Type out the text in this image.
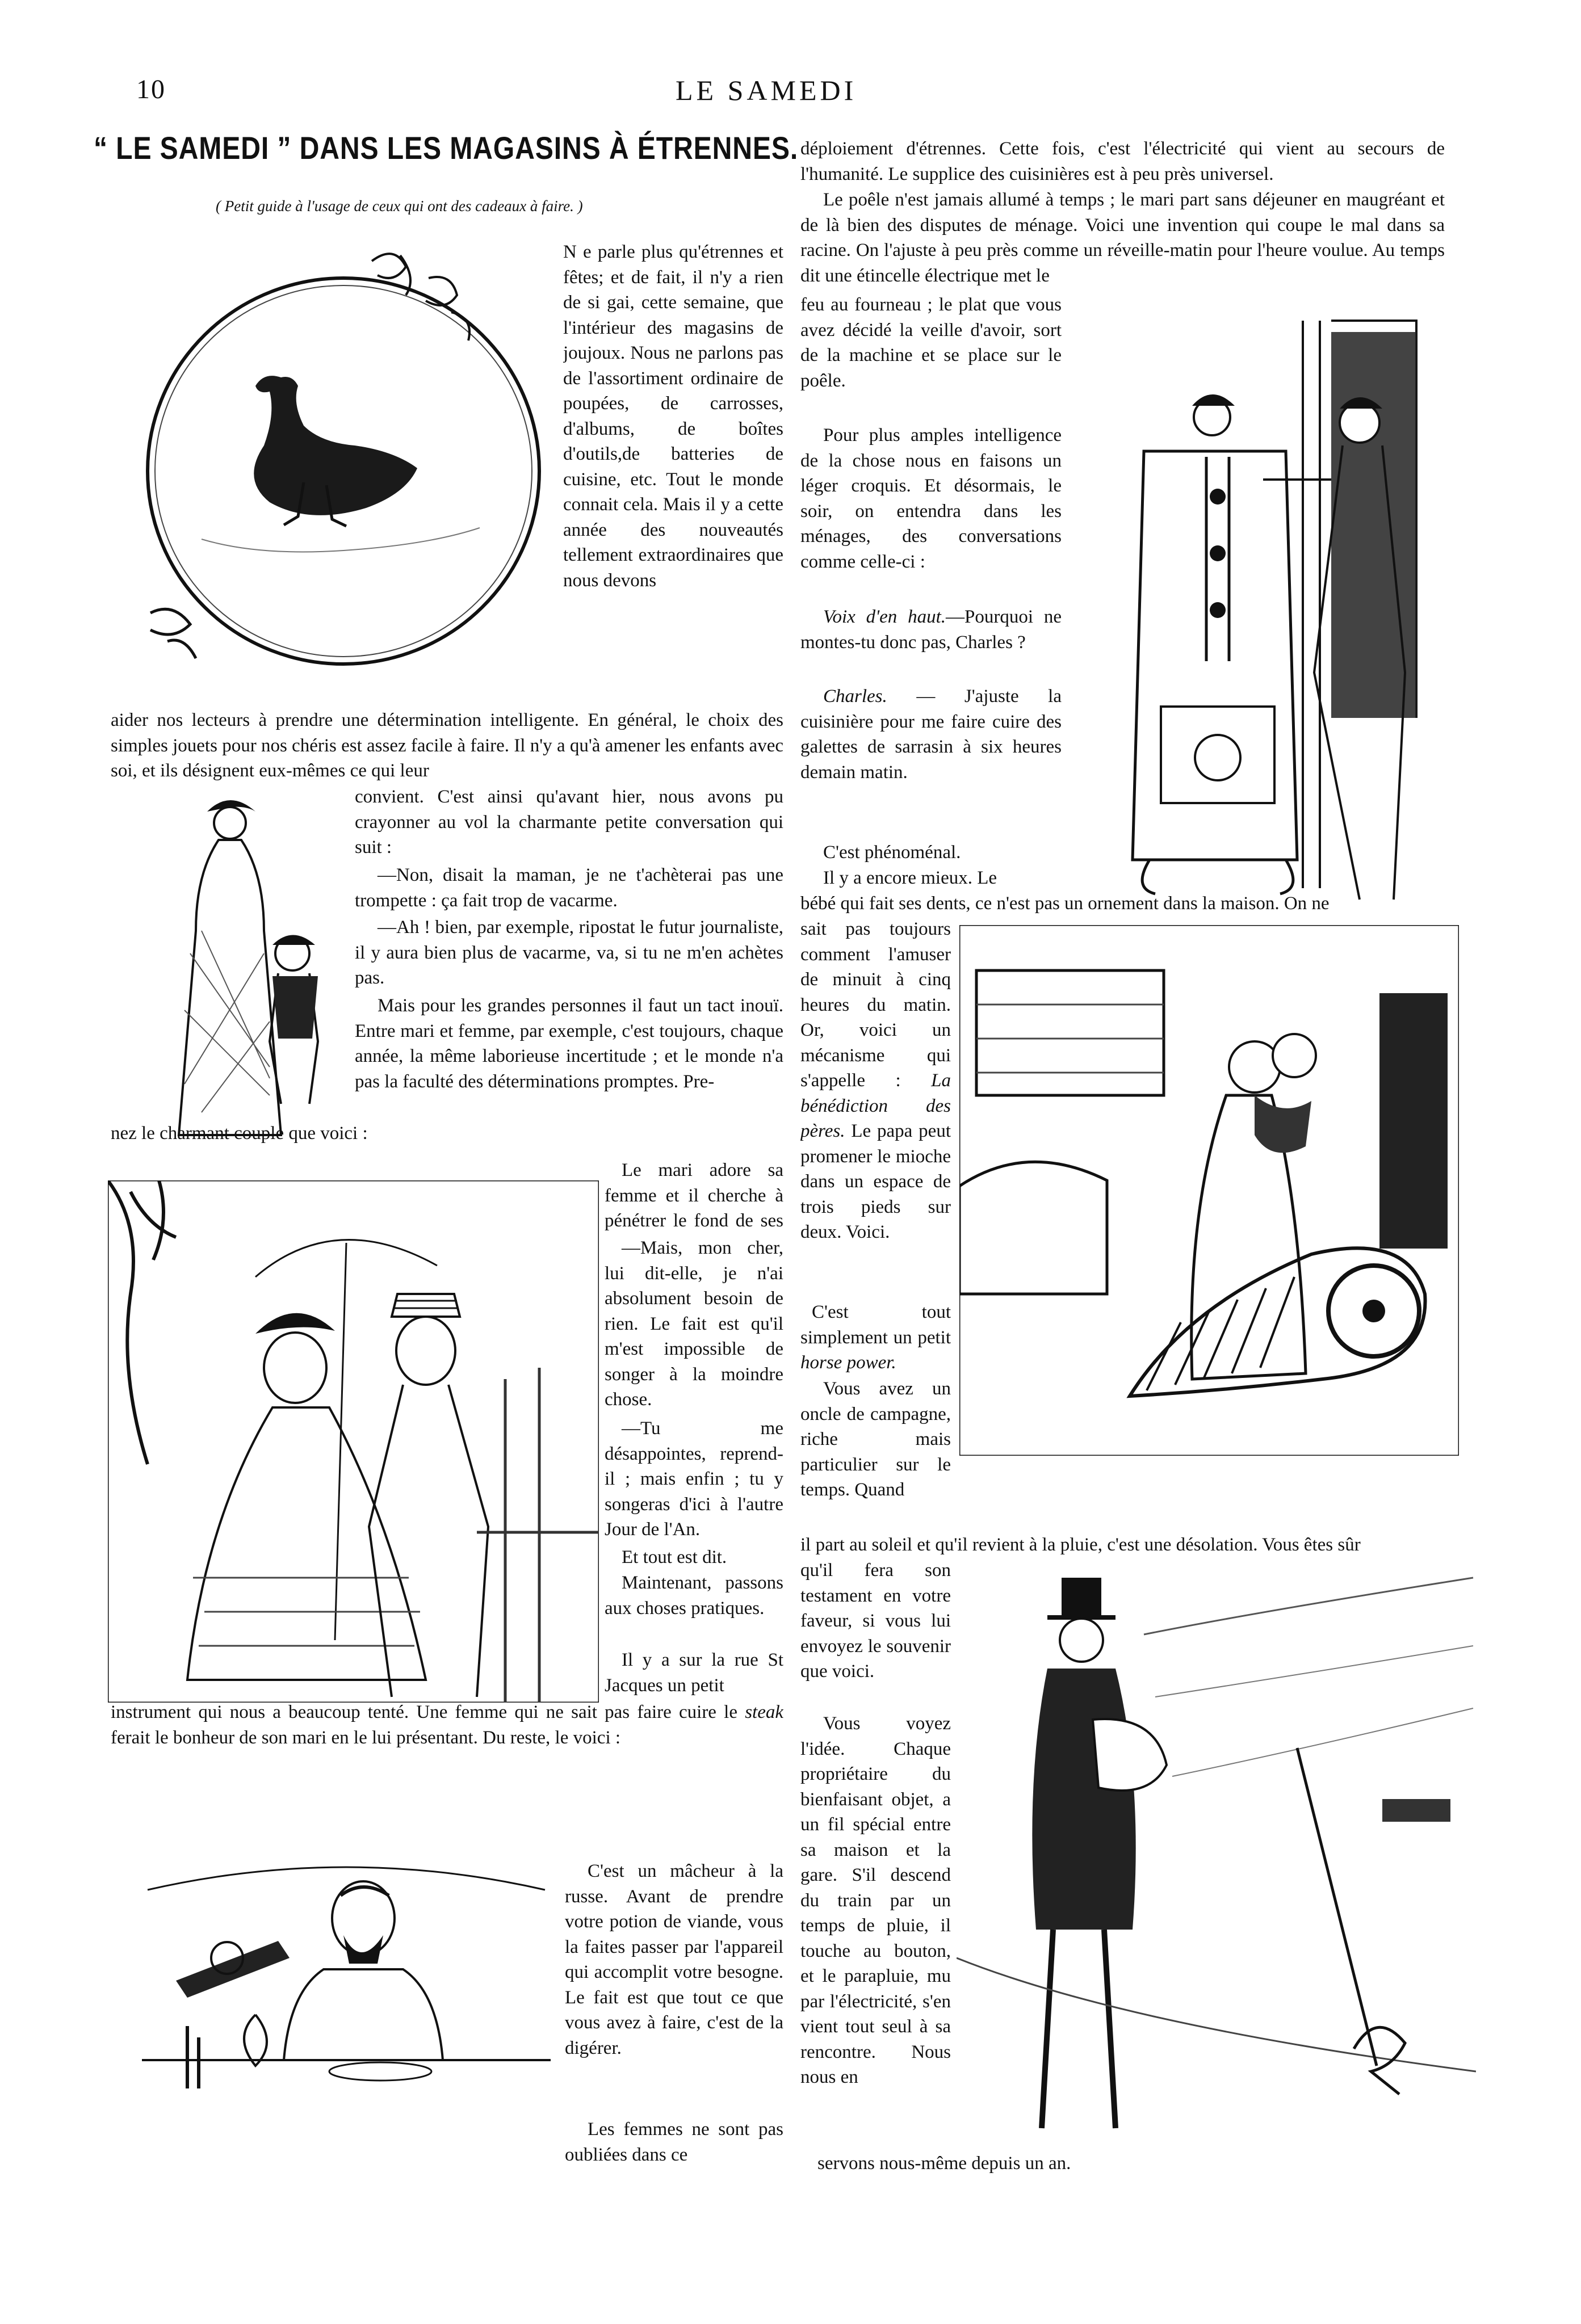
10	LE SAMEDI
“ LE SAMEDI ” DANS LES MAGASINS À ÉTRENNES.
( Petit guide à l'usage de ceux qui ont des cadeaux à faire. )

N e parle plus qu'étrennes et fêtes; et de fait, il n'y a rien de si gai, cette semaine, que l'intérieur des magasins de joujoux. Nous ne parlons pas de l'assortiment ordinaire de poupées, de carrosses, d'albums, de boîtes d'outils,de batteries de cuisine, etc. Tout le monde connait cela. Mais il y a cette année des nouveautés tellement extraordinaires que nous devons

aider nos lecteurs à prendre une détermination intelligente. En général, le choix des simples jouets pour nos chéris est assez facile à faire. Il n'y a qu'à amener les enfants avec soi, et ils désignent eux-mêmes ce qui leur

convient. C'est ainsi qu'avant hier, nous avons pu crayonner au vol la charmante petite conversation qui suit :

—Non, disait la maman, je ne t'achèterai pas une trompette : ça fait trop de vacarme.

—Ah ! bien, par exemple, ripostat le futur journaliste, il y aura bien plus de vacarme, va, si tu ne m'en achètes pas.

Mais pour les grandes personnes il faut un tact inouï. Entre mari et femme, par exemple, c'est toujours, chaque année, la même laborieuse incertitude ; et le monde n'a pas la faculté des déterminations promptes. Pre-

nez le charmant couple que voici :

Le mari adore sa femme et il cherche à pénétrer le fond de ses

—Mais, mon cher, lui dit-elle, je n'ai absolument besoin de rien. Le fait est qu'il m'est impossible de songer à la moindre chose.

—Tu me désappointes, reprend-il ; mais enfin ; tu y songeras d'ici à l'autre Jour de l'An.

Et tout est dit.

Maintenant, passons aux choses pratiques.

Il y a sur la rue St Jacques un petit

instrument qui nous a beaucoup tenté. Une femme qui ne sait pas faire cuire le steak ferait le bonheur de son mari en le lui présentant. Du reste, le voici :

C'est un mâcheur à la russe. Avant de prendre votre potion de viande, vous la faites passer par l'appareil qui accomplit votre besogne. Le fait est que tout ce que vous avez à faire, c'est de la digérer.

Les femmes ne sont pas oubliées dans ce

déploiement d'étrennes. Cette fois, c'est l'électricité qui vient au secours de l'humanité. Le supplice des cuisinières est à peu près universel.

Le poêle n'est jamais allumé à temps ; le mari part sans déjeuner en maugréant et de là bien des disputes de ménage. Voici une invention qui coupe le mal dans sa racine. On l'ajuste à peu près comme un réveille-matin pour l'heure voulue. Au temps dit une étincelle électrique met le

feu au fourneau ; le plat que vous avez décidé la veille d'avoir, sort de la machine et se place sur le poêle.

Pour plus amples intelligence de la chose nous en faisons un léger croquis. Et désormais, le soir, on entendra dans les ménages, des conversations comme celle-ci :

Voix d'en haut.—Pourquoi ne montes-tu donc pas, Charles ?

Charles. — J'ajuste la cuisinière pour me faire cuire des galettes de sarrasin à six heures demain matin.

C'est phénoménal.

Il y a encore mieux. Le

bébé qui fait ses dents, ce n'est pas un ornement dans la maison. On ne

sait pas toujours comment l'amuser de minuit à cinq heures du matin. Or, voici un mécanisme qui s'appelle : La bénédiction des pères. Le papa peut promener le mioche dans un espace de trois pieds sur deux. Voici.

C'est tout simplement un petit horse power.

Vous avez un oncle de campagne, riche mais particulier sur le temps. Quand

il part au soleil et qu'il revient à la pluie, c'est une désolation. Vous êtes sûr

qu'il fera son testament en votre faveur, si vous lui envoyez le souvenir que voici.

Vous voyez l'idée. Chaque propriétaire du bienfaisant objet, a un fil spécial entre sa maison et la gare. S'il descend du train par un temps de pluie, il touche au bouton, et le parapluie, mu par l'électricité, s'en vient tout seul à sa rencontre. Nous nous en

servons nous-même depuis un an.
